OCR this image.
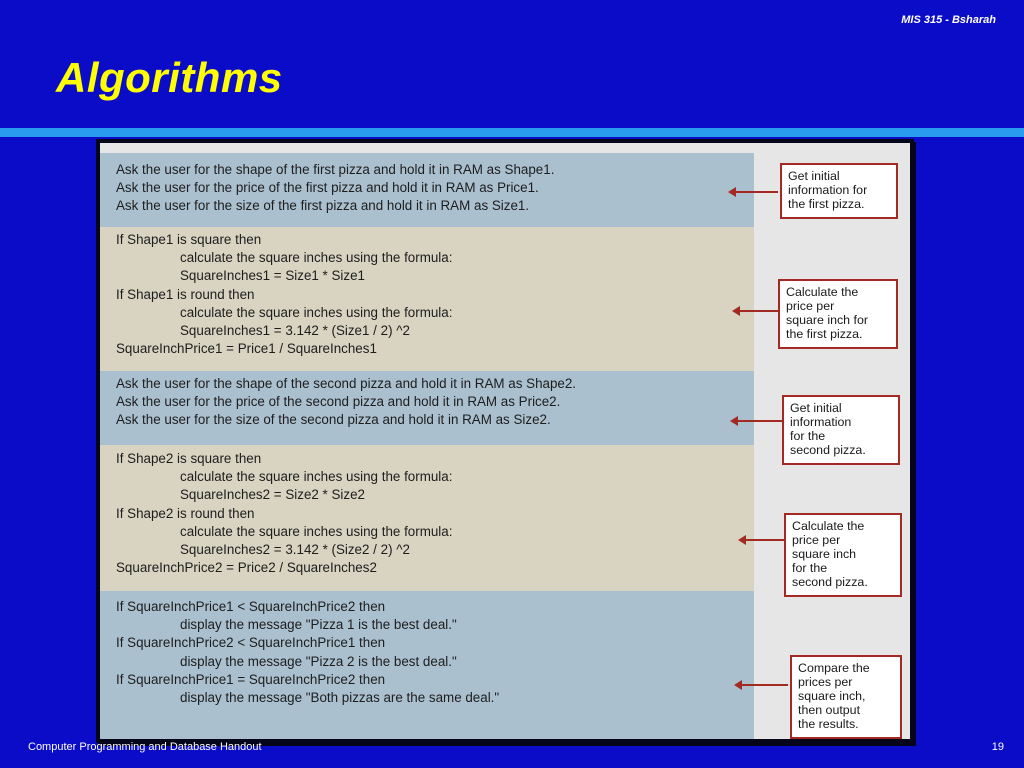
MIS 315 - Bsharah
Algorithms
Ask the user for the shape of the first pizza and hold it in RAM as Shape1.
Ask the user for the price of the first pizza and hold it in RAM as Price1.
Ask the user for the size of the first pizza and hold it in RAM as Size1.
If Shape1 is square then
calculate the square inches using the formula:
SquareInches1 = Size1 * Size1
If Shape1 is round then
calculate the square inches using the formula:
SquareInches1 = 3.142 * (Size1 / 2) ^2
SquareInchPrice1 = Price1 / SquareInches1
Ask the user for the shape of the second pizza and hold it in RAM as Shape2.
Ask the user for the price of the second pizza and hold it in RAM as Price2.
Ask the user for the size of the second pizza and hold it in RAM as Size2.
If Shape2 is square then
calculate the square inches using the formula:
SquareInches2 = Size2 * Size2
If Shape2 is round then
calculate the square inches using the formula:
SquareInches2 = 3.142 * (Size2 / 2) ^2
SquareInchPrice2 = Price2 / SquareInches2
If SquareInchPrice1 < SquareInchPrice2 then
display the message "Pizza 1 is the best deal."
If SquareInchPrice2 < SquareInchPrice1 then
display the message "Pizza 2 is the best deal."
If SquareInchPrice1 = SquareInchPrice2 then
display the message "Both pizzas are the same deal."
Get initial
information for
the first pizza.
Calculate the
price per
square inch for
the first pizza.
Get initial
information
for the
second pizza.
Calculate the
price per
square inch
for the
second pizza.
Compare the
prices per
square inch,
then output
the results.
Computer Programming and Database Handout	19
